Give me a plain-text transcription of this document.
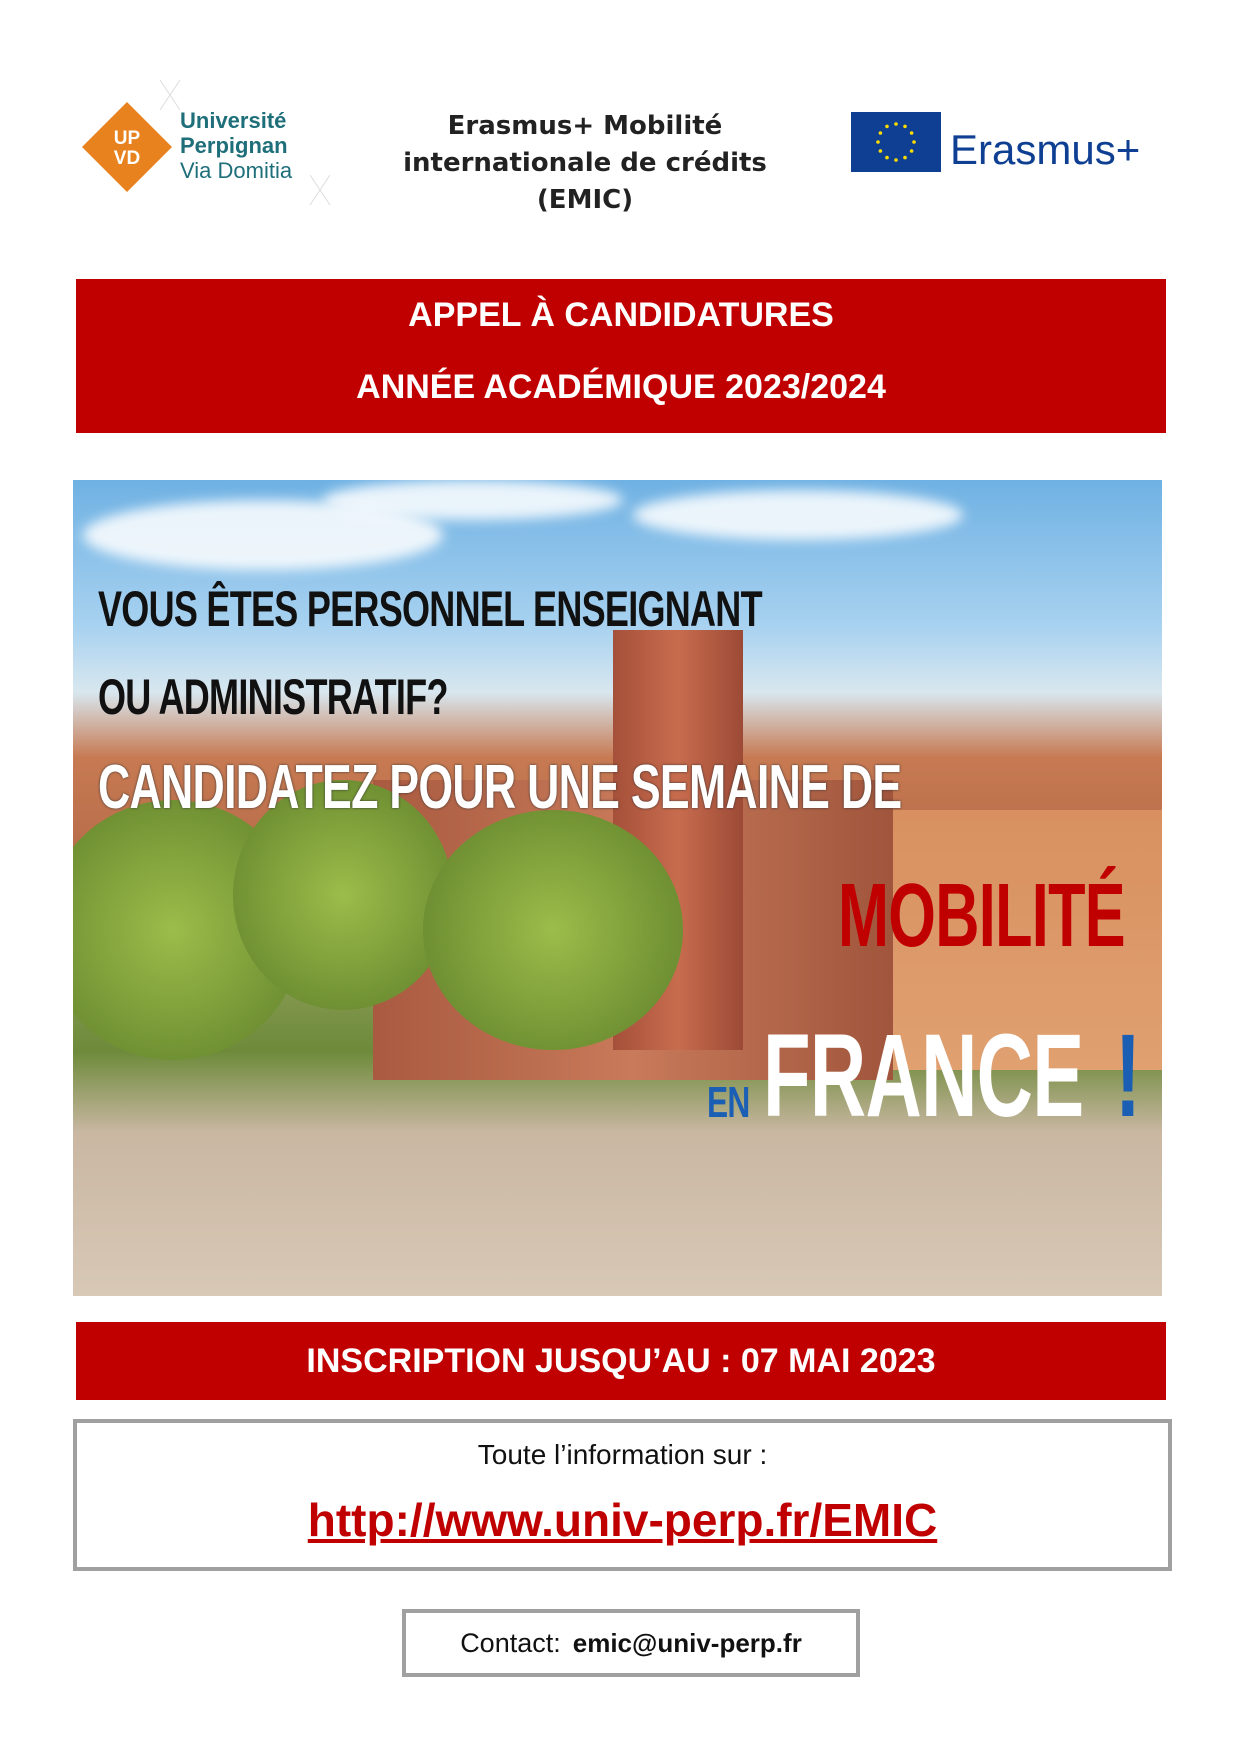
UP
VD
Université
Perpignan
Via Domitia
Erasmus+ Mobilité
internationale de crédits
(EMIC)
Erasmus+
APPEL À CANDIDATURES
ANNÉE ACADÉMIQUE 2023/2024
VOUS ÊTES PERSONNEL ENSEIGNANT
OU ADMINISTRATIF?
CANDIDATEZ POUR UNE SEMAINE DE
MOBILITÉ
EN FRANCE !
INSCRIPTION JUSQU’AU : 07 MAI 2023
Toute l’information sur :
http://www.univ-perp.fr/EMIC
Contact: emic@univ-perp.fr
